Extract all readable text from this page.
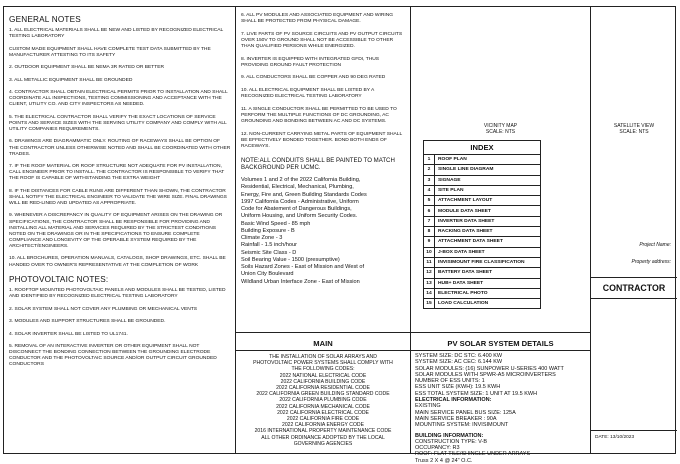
GENERAL NOTES
1. ALL ELECTRICAL MATERIALS SHALL BE NEW AND LISTED BY RECOGNIZED ELECTRICAL TESTING LABORATORY
CUSTOM MADE EQUIPMENT SHALL HAVE COMPLETE TEST DATA SUBMITTED BY THE MANUFACTURER ATTESTING TO ITS SAFETY
2. OUTDOOR EQUIPMENT SHALL BE NEMA 3R RATED OR BETTER
3. ALL METALLIC EQUIPMENT SHALL BE GROUNDED
4. CONTRACTOR SHALL OBTAIN ELECTRICAL PERMITS PRIOR TO INSTALLATION AND SHALL COORDINATE ALL INSPECTIONS, TESTING COMMISSIONING AND ACCEPTANCE WITH THE CLIENT, UTILITY CO. AND CITY INSPECTORS AS NEEDED.
5. THE ELECTRICAL CONTRACTOR SHALL VERIFY THE EXACT LOCATIONS OF SERVICE POINTS AND SERVICE SIZES WITH THE SERVING UTILITY COMPANY AND COMPLY WITH ALL UTILITY COMPANIES REQUIREMENTS.
6. DRAWINGS ARE DIAGRAMMATIC ONLY. ROUTING OF RACEWAYS SHALL BE OPTION OF THE CONTRACTOR UNLESS OTHERWISE NOTED AND SHALL BE COORDINATED WITH OTHER TRADES.
7. IF THE ROOF MATERIAL OR ROOF STRUCTURE NOT ADEQUATE FOR PV INSTALLATION, CALL ENGINEER PRIOR TO INSTALL. THE CONTRACTOR IS RESPONSIBLE TO VERIFY THAT THE ROOF IS CAPABLE OF WITHSTANDING THE EXTRA WEIGHT
8. IF THE DISTANCES FOR CABLE RUNS ARE DIFFERENT THAN SHOWN, THE CONTRACTOR SHALL NOTIFY THE ELECTRICAL ENGINEER TO VALIDATE THE WIRE SIZE. FINAL DRAWINGS WILL BE RED-LINED AND UPDATED AS APPROPRIATE.
9. WHENEVER A DISCREPANCY IN QUALITY OF EQUIPMENT ARISES ON THE DRAWING OR SPECIFICATIONS, THE CONTRACTOR SHALL BE RESPONSIBLE FOR PROVIDING AND INSTALLING ALL MATERIAL AND SERVICES REQUIRED BY THE STRICTEST CONDITIONS NOTED ON THE DRAWINGS OR IN THE SPECIFICATIONS TO ENSURE COMPLETE COMPLIANCE AND LONGEVITY OF THE OPERABLE SYSTEM REQUIRED BY THE ARCHITECT/ENGINEERS.
10. ALL BROCHURES, OPERATION MANUALS, CATALOGS, SHOP DRAWINGS, ETC. SHALL BE HANDED OVER TO OWNER'S REPRESENTATIVE AT THE COMPLETION OF WORK
PHOTOVOLTAIC NOTES:
1. ROOFTOP MOUNTED PHOTOVOLTAIC PANELS AND MODULES SHALL BE TESTED, LISTED AND IDENTIFIED BY RECOGNIZED ELECTRICAL TESTING LABORATORY
2. SOLAR SYSTEM SHALL NOT COVER ANY PLUMBING OR MECHANICAL VENTS
3. MODULES AND SUPPORT STRUCTURES SHALL BE GROUNDED.
4. SOLAR INVERTER SHALL BE LISTED TO UL1741.
5. REMOVAL OF AN INTERACTIVE INVERTER OR OTHER EQUIPMENT SHALL NOT DISCONNECT THE BONDING CONNECTION BETWEEN THE GROUNDING ELECTRODE CONDUCTOR AND THE PHOTOVOLTAIC SOURCE AND/OR OUTPUT CIRCUIT GROUNDED CONDUCTORS
6. ALL PV MODULES AND ASSOCIATED EQUIPMENT AND WIRING SHALL BE PROTECTED FROM PHYSICAL DAMAGE.
7. LIVE PARTS OF PV SOURCE CIRCUITS AND PV OUTPUT CIRCUITS OVER 150V TO GROUND SHALL NOT BE ACCESSIBLE TO OTHER THAN QUALIFIED PERSONS WHILE ENERGIZED.
8. INVERTER IS EQUIPPED WITH INTEGRATED GFDI, THUS PROVIDING GROUND FAULT PROTECTION
9. ALL CONDUCTORS SHALL BE COPPER AND 90 DEG RATED
10. ALL ELECTRICAL EQUIPMENT SHALL BE LISTED BY A RECOGNIZED ELECTRICAL TESTING LABORATORY
11. A SINGLE CONDUCTOR SHALL BE PERMITTED TO BE USED TO PERFORM THE MULTIPLE FUNCTIONS OF DC GROUNDING, AC GROUNDING AND BONDING BETWEEN AC AND DC SYSTEMS.
12. NON-CURRENT CARRYING METAL PARTS OF EQUIPMENT SHALL BE EFFECTIVELY BONDED TOGETHER. BOND BOTH ENDS OF RACEWAYS.
NOTE:ALL CONDUITS SHALL BE PAINTED TO MATCH BACKGROUND PER UCMC.
Volumes 1 and 2 of the 2022 California Building,
Residential, Electrical, Mechanical, Plumbing,
Energy, Fire and, Green Building Standards Codes
1997 California Codes - Administrative, Uniform
Code for Abatement of Dangerous Buildings,
Uniform Housing, and Uniform Security Codes.
Basic Wind Speed - 85 mph
Building Exposure - B
Climate Zone - 3
Rainfall - 1.5 inch/hour
Seismic Site Class - D
Soil Bearing Value - 1500 (presumptive)
Soils Hazard Zones - East of Mission and West of
Union City Boulevard
Wildland Urban Interface Zone - East of Mission
MAIN
THE INSTALLATION OF SOLAR ARRAYS AND
PHOTOVOLTAIC POWER SYSTEMS SHALL COMPLY WITH
THE FOLLOWING CODES:
2022 NATIONAL ELECTRICAL CODE
2022 CALIFORNIA BUILDING CODE
2022 CALIFORNIA RESIDENTIAL CODE
2022 CALIFORNIA GREEN BUILDING STANDARD CODE
2022 CALIFORNIA PLUMBING CODE
2022 CALIFORNIA MECHANICAL CODE
2022 CALIFORNIA ELECTRICAL CODE
2022 CALIFORNIA FIRE CODE
2022 CALIFORNIA ENERGY CODE
2016 INTERNATIONAL PROPERTY MAINTENANCE CODE
ALL OTHER ORDINANCE ADOPTED BY THE LOCAL
GOVERNING AGENCIES
VICINITY MAP
SCALE: NTS
INDEX	
1	ROOF PLAN
2	SINGLE LINE DIAGRAM
3	SIGNAGE
4	SITE PLAN
5	ATTACHMENT LAYOUT
6	MODULE DATA SHEET
7	INVERTER DATA SHEET
8	RACKING DATA SHEET
9	ATTACHMENT DATA SHEET
10	J-BOX DATA SHEET
11	INVISIMOUNT FIRE CLASSIFICATION
12	BATTERY DATA SHEET
13	HUB+ DATA SHEET
14	ELECTRICAL PHOTO
15	LOAD CALCULATION
PV SOLAR SYSTEM DETAILS
SYSTEM SIZE: DC STC: 6.400 KW
SYSTEM SIZE: AC CEC: 6.144 KW
SOLAR MODULES: (16) SUNPOWER U-SERIES 400 WATT
SOLAR MODULES WITH SPWR-A5 MICROINVERTERS
NUMBER OF ESS UNITS: 1
ESS UNIT SIZE (KWH): 19.5 KWH
ESS TOTAL SYSTEM SIZE: 1 UNIT AT 19.5 KWH
ELECTRICAL INFORMATION:
EXISTING
MAIN SERVICE PANEL BUS SIZE: 125A
MAIN SERVICE BREAKER : 90A
MOUNTING SYSTEM: INVISIMOUNT
BUILDING INFORMATION:
CONSTRUCTION TYPE: V-B
OCCUPANCY: R3
ROOF: FLAT TILE/SHINGLE UNDER ARRAYS
Truss 2 X 4 @ 24" O.C.
SATELLITE VIEW
SCALE: NTS
Project Name:
Property address:
CONTRACTOR
DATE: 13/10/2023
